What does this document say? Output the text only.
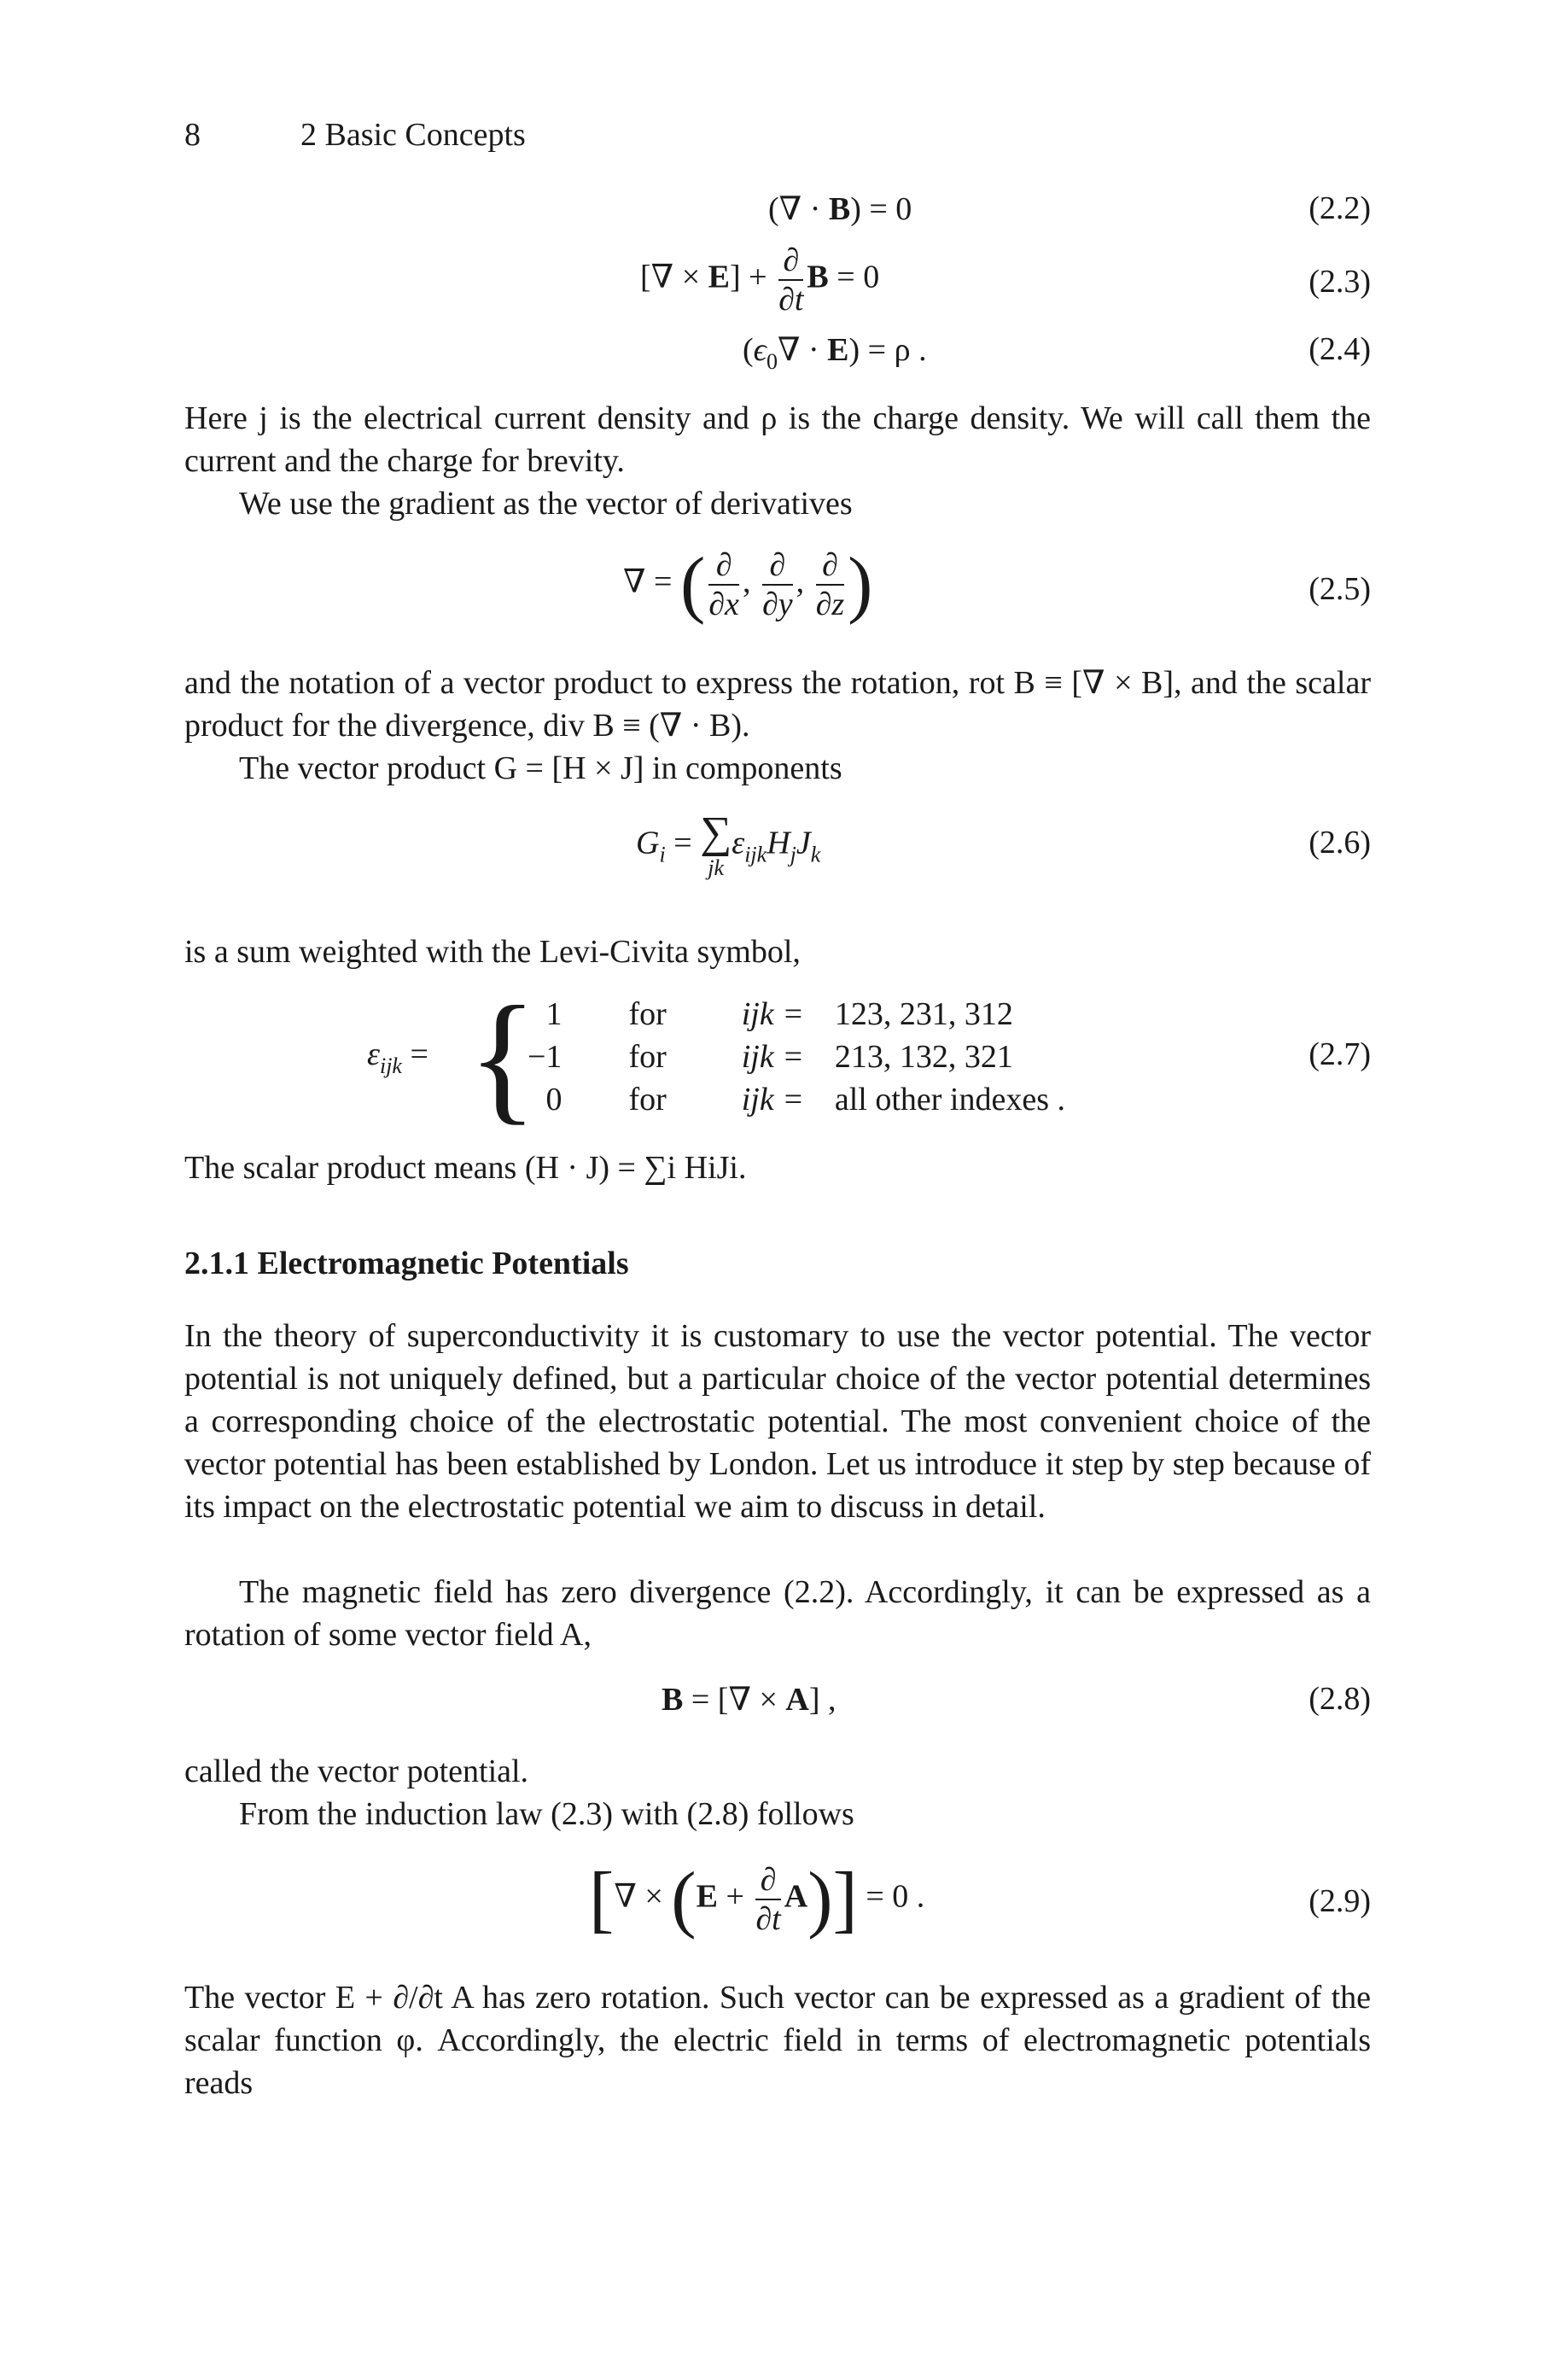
8	2 Basic Concepts
(∇ · B) = 0	(2.2)
[∇ × $E] + \frac{\partial}{\partial t}$ B = 0	(2.3)
$(\epsilon_0\nabla \cdot E) = \rho$ .	(2.4)
Here j is the electrical current density and ρ is the charge density. We will call them the current and the charge for brevity.
We use the gradient as the vector of derivatives
∇ = ( $\frac{\partial}{\partial x}$ , $\frac{\partial}{\partial y}$ , $\frac{\partial}{\partial z}$ )	(2.5)
and the notation of a vector product to express the rotation, rot B ≡ [∇ × B], and the scalar product for the divergence, div B ≡ (∇ · B).
The vector product G = [H × J] in components
$G_i$ = ∑
jk
$\varepsilon_{ijk}H_jJ_k$	(2.6)
is a sum weighted with the Levi-Civita symbol,
$\varepsilon_{ijk}$ = { 1	for	ijk =	123, 231, 312
−1	for	ijk =	213, 132, 321
0	for	ijk =	all other indexes .
(2.7)
The scalar product means (H · J) = ∑i HiJi.
2.1.1 Electromagnetic Potentials
In the theory of superconductivity it is customary to use the vector potential. The vector potential is not uniquely defined, but a particular choice of the vector potential determines a corresponding choice of the electrostatic potential. The most convenient choice of the vector potential has been established by London. Let us introduce it step by step because of its impact on the electrostatic potential we aim to discuss in detail.
The magnetic field has zero divergence (2.2). Accordingly, it can be expressed as a rotation of some vector field A,
B = [∇ × A] ,	(2.8)
called the vector potential.
From the induction law (2.3) with (2.8) follows
[∇ × $(E + \frac{\partial}{\partial t} A)] = 0$ .	(2.9)
The vector E + ∂/∂t A has zero rotation. Such vector can be expressed as a gradient of the scalar function φ. Accordingly, the electric field in terms of electromagnetic potentials reads
